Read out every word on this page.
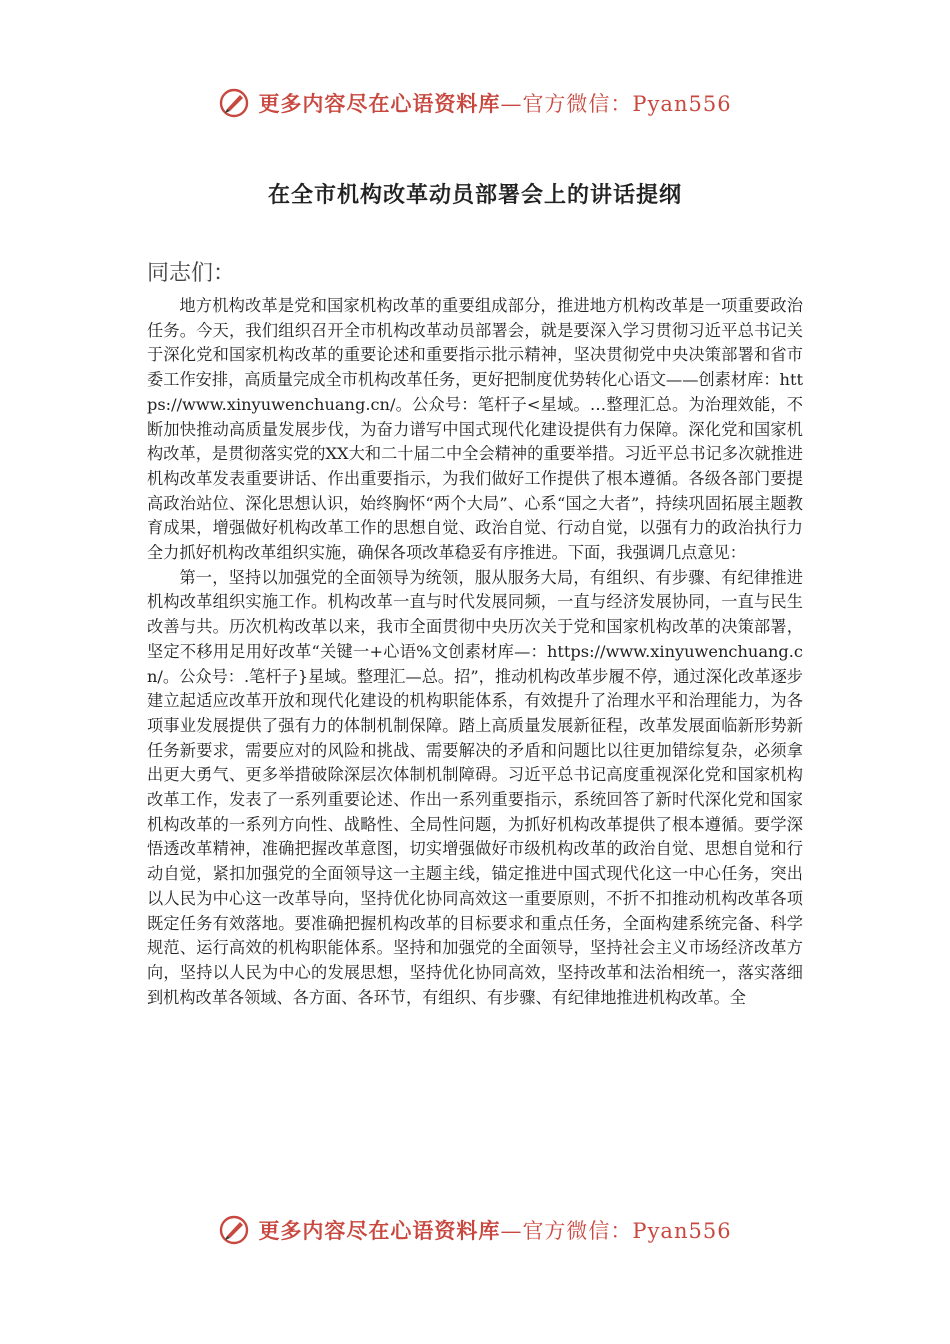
更多内容尽在心语资料库—官方微信：Pyan556
在全市机构改革动员部署会上的讲话提纲
同志们：

地方机构改革是党和国家机构改革的重要组成部分，推进地方机构改革是一项重要政治任务。今天，我们组织召开全市机构改革动员部署会，就是要深入学习贯彻习近平总书记关于深化党和国家机构改革的重要论述和重要指示批示精神，坚决贯彻党中央决策部署和省市委工作安排，高质量完成全市机构改革任务，更好把制度优势转化心语文——创素材库：https://www.xinyuwenchuang.cn/。公众号：笔杆子<星域。…整理汇总。为治理效能，不断加快推动高质量发展步伐，为奋力谱写中国式现代化建设提供有力保障。深化党和国家机构改革，是贯彻落实党的XX大和二十届二中全会精神的重要举措。习近平总书记多次就推进机构改革发表重要讲话、作出重要指示，为我们做好工作提供了根本遵循。各级各部门要提高政治站位、深化思想认识，始终胸怀“两个大局”、心系“国之大者”，持续巩固拓展主题教育成果，增强做好机构改革工作的思想自觉、政治自觉、行动自觉，以强有力的政治执行力全力抓好机构改革组织实施，确保各项改革稳妥有序推进。下面，我强调几点意见：

第一，坚持以加强党的全面领导为统领，服从服务大局，有组织、有步骤、有纪律推进机构改革组织实施工作。机构改革一直与时代发展同频，一直与经济发展协同，一直与民生改善与共。历次机构改革以来，我市全面贯彻中央历次关于党和国家机构改革的决策部署，坚定不移用足用好改革“关键一+心语%文创素材库—：https://www.xinyuwenchuang.cn/。公众号：.笔杆子}星域。整理汇—总。招”，推动机构改革步履不停，通过深化改革逐步建立起适应改革开放和现代化建设的机构职能体系，有效提升了治理水平和治理能力，为各项事业发展提供了强有力的体制机制保障。踏上高质量发展新征程，改革发展面临新形势新任务新要求，需要应对的风险和挑战、需要解决的矛盾和问题比以往更加错综复杂，必须拿出更大勇气、更多举措破除深层次体制机制障碍。习近平总书记高度重视深化党和国家机构改革工作，发表了一系列重要论述、作出一系列重要指示，系统回答了新时代深化党和国家机构改革的一系列方向性、战略性、全局性问题，为抓好机构改革提供了根本遵循。要学深悟透改革精神，准确把握改革意图，切实增强做好市级机构改革的政治自觉、思想自觉和行动自觉，紧扣加强党的全面领导这一主题主线，锚定推进中国式现代化这一中心任务，突出以人民为中心这一改革导向，坚持优化协同高效这一重要原则，不折不扣推动机构改革各项既定任务有效落地。要准确把握机构改革的目标要求和重点任务，全面构建系统完备、科学规范、运行高效的机构职能体系。坚持和加强党的全面领导，坚持社会主义市场经济改革方向，坚持以人民为中心的发展思想，坚持优化协同高效，坚持改革和法治相统一，落实落细到机构改革各领域、各方面、各环节，有组织、有步骤、有纪律地推进机构改革。全

更多内容尽在心语资料库—官方微信：Pyan556
